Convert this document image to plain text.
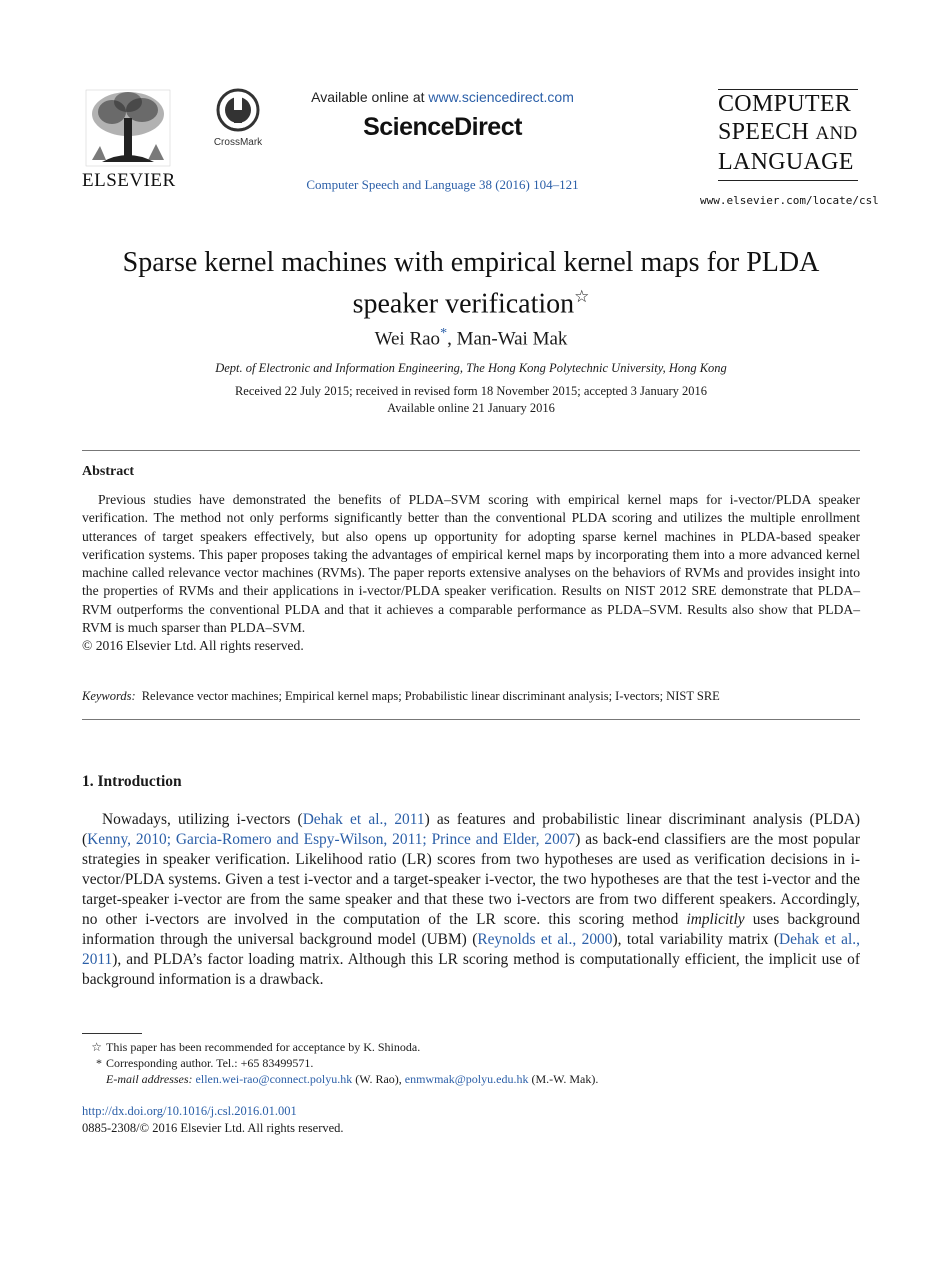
ELSEVIER
CrossMark
Available online at www.sciencedirect.com
ScienceDirect
Computer Speech and Language 38 (2016) 104–121
COMPUTER
SPEECH AND
LANGUAGE
www.elsevier.com/locate/csl
Sparse kernel machines with empirical kernel maps for PLDA
speaker verification☆
Wei Rao*, Man-Wai Mak
Dept. of Electronic and Information Engineering, The Hong Kong Polytechnic University, Hong Kong
Received 22 July 2015; received in revised form 18 November 2015; accepted 3 January 2016
Available online 21 January 2016
Abstract

Previous studies have demonstrated the benefits of PLDA–SVM scoring with empirical kernel maps for i-vector/PLDA speaker verification. The method not only performs significantly better than the conventional PLDA scoring and utilizes the multiple enrollment utterances of target speakers effectively, but also opens up opportunity for adopting sparse kernel machines in PLDA-based speaker verification systems. This paper proposes taking the advantages of empirical kernel maps by incorporating them into a more advanced kernel machine called relevance vector machines (RVMs). The paper reports extensive analyses on the behaviors of RVMs and provides insight into the properties of RVMs and their applications in i-vector/PLDA speaker verification. Results on NIST 2012 SRE demonstrate that PLDA–RVM outperforms the conventional PLDA and that it achieves a comparable performance as PLDA–SVM. Results also show that PLDA–RVM is much sparser than PLDA–SVM.

© 2016 Elsevier Ltd. All rights reserved.

Keywords: Relevance vector machines; Empirical kernel maps; Probabilistic linear discriminant analysis; I-vectors; NIST SRE
1. Introduction

Nowadays, utilizing i-vectors (Dehak et al., 2011) as features and probabilistic linear discriminant analysis (PLDA) (Kenny, 2010; Garcia-Romero and Espy-Wilson, 2011; Prince and Elder, 2007) as back-end classifiers are the most popular strategies in speaker verification. Likelihood ratio (LR) scores from two hypotheses are used as verification decisions in i-vector/PLDA systems. Given a test i-vector and a target-speaker i-vector, the two hypotheses are that the test i-vector and the target-speaker i-vector are from the same speaker and that these two i-vectors are from two different speakers. Accordingly, no other i-vectors are involved in the computation of the LR score. this scoring method implicitly uses background information through the universal background model (UBM) (Reynolds et al., 2000), total variability matrix (Dehak et al., 2011), and PLDA’s factor loading matrix. Although this LR scoring method is computationally efficient, the implicit use of background information is a drawback.

☆ This paper has been recommended for acceptance by K. Shinoda.
* Corresponding author. Tel.: +65 83499571.
E-mail addresses: ellen.wei-rao@connect.polyu.hk (W. Rao), enmwmak@polyu.edu.hk (M.-W. Mak).
http://dx.doi.org/10.1016/j.csl.2016.01.001
0885-2308/© 2016 Elsevier Ltd. All rights reserved.
